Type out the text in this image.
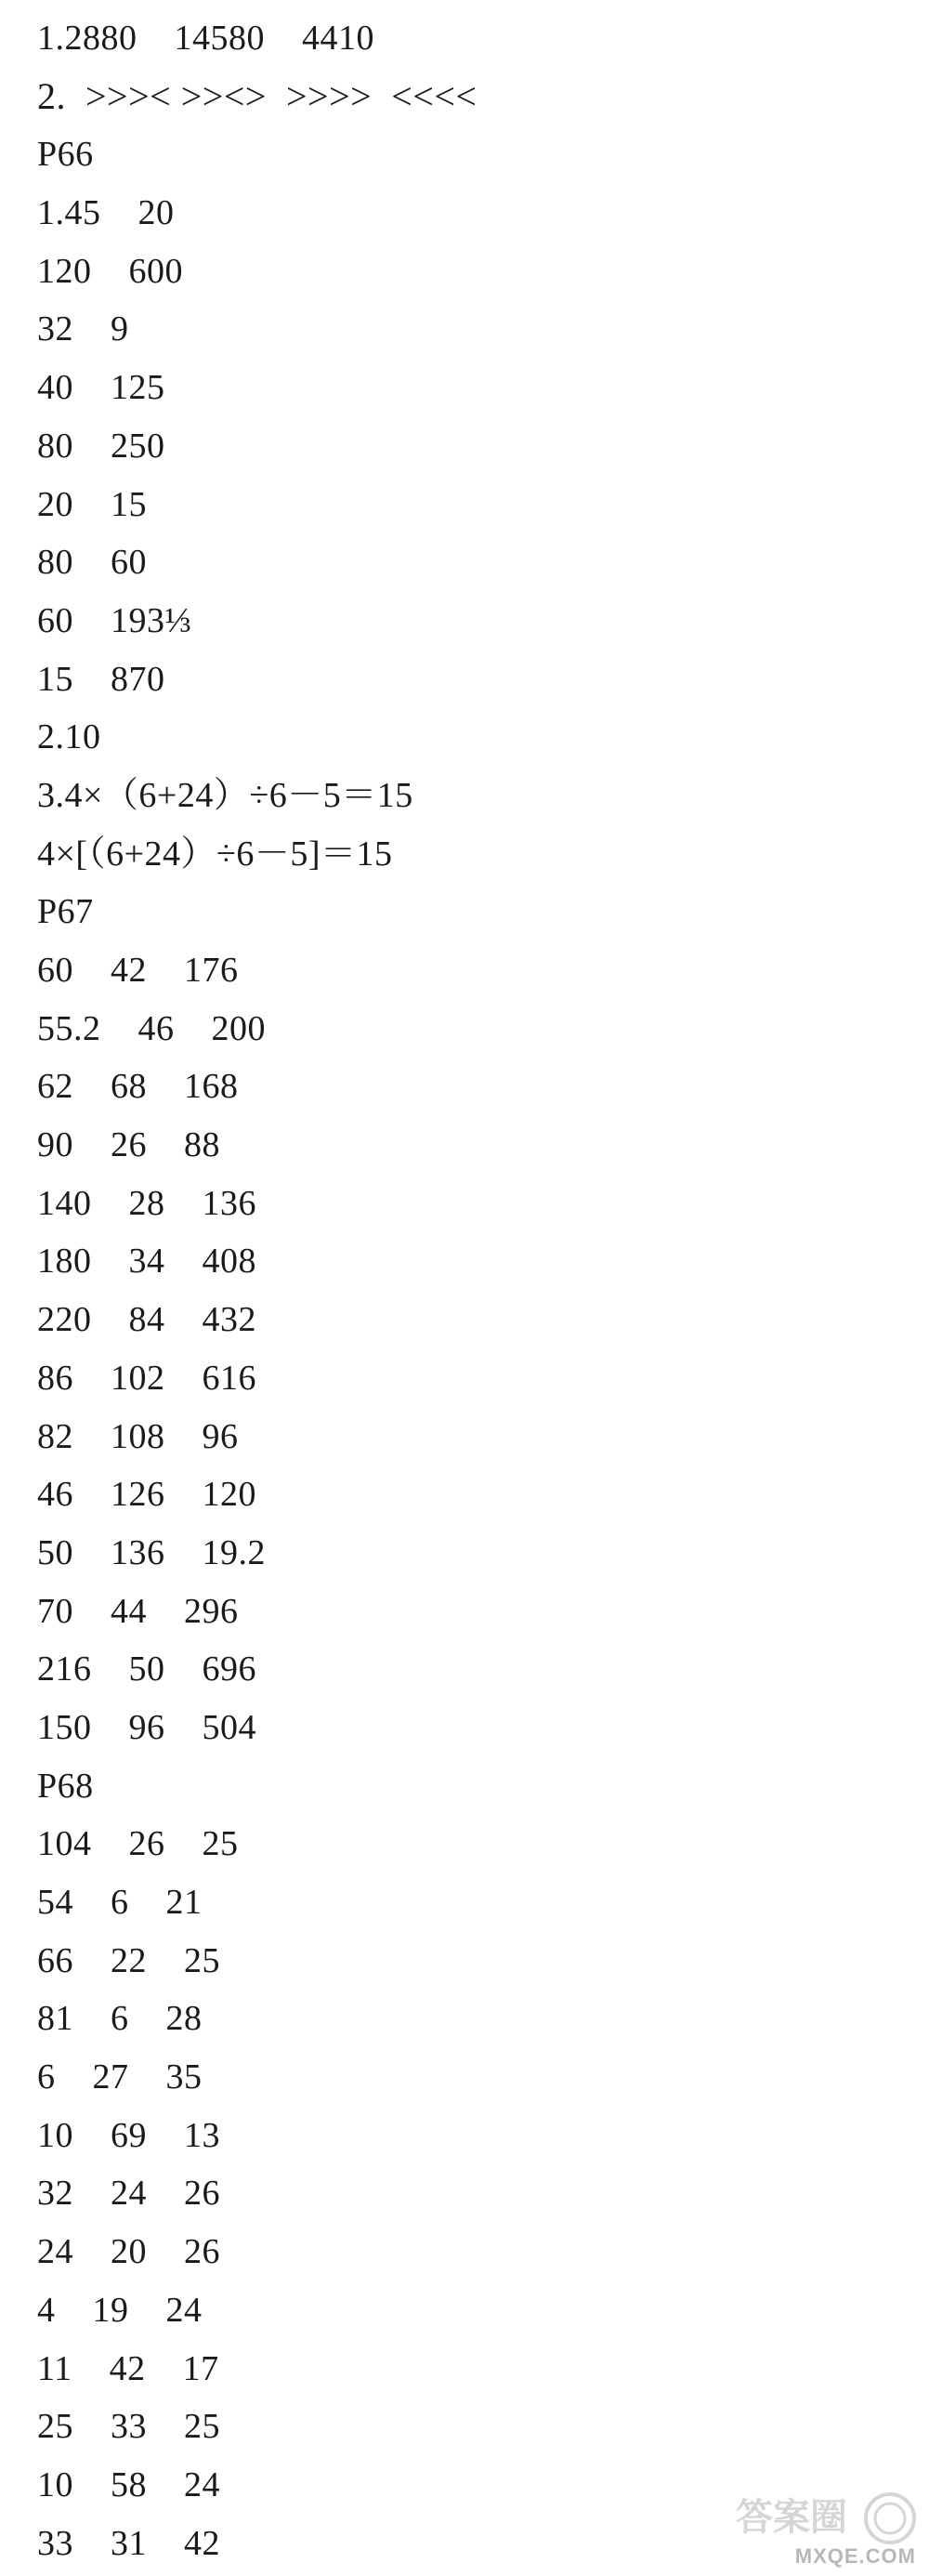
1.2880    14580    4410
2.  >>>< >><>  >>>>  <<<<
P66
1.45    20
120    600
32    9
40    125
80    250
20    15
80    60
60    193⅓
15    870
2.10
3.4×（6+24）÷6－5＝15
4×[（6+24）÷6－5]＝15
P67
60    42    176
55.2    46    200
62    68    168
90    26    88
140    28    136
180    34    408
220    84    432
86    102    616
82    108    96
46    126    120
50    136    19.2
70    44    296
216    50    696
150    96    504
P68
104    26    25
54    6    21
66    22    25
81    6    28
6    27    35
10    69    13
32    24    26
24    20    26
4    19    24
11    42    17
25    33    25
10    58    24
33    31    42
答案圈
MXQE.COM
